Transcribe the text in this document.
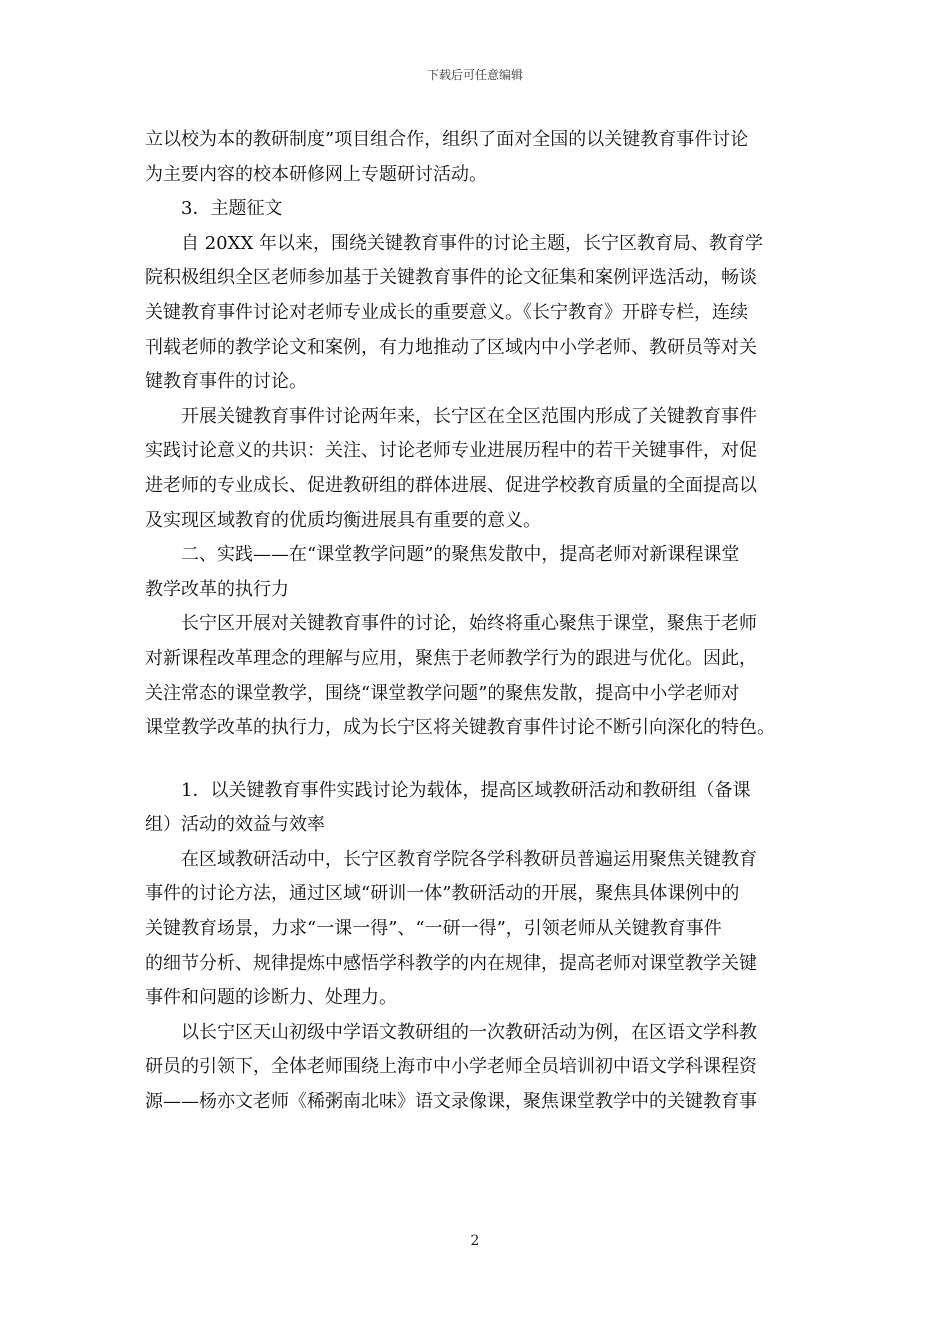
下载后可任意编辑
立以校为本的教研制度”项目组合作，组织了面对全国的以关键教育事件讨论
为主要内容的校本研修网上专题研讨活动。
3．主题征文
自 20XX 年以来，围绕关键教育事件的讨论主题，长宁区教育局、教育学
院积极组织全区老师参加基于关键教育事件的论文征集和案例评选活动，畅谈
关键教育事件讨论对老师专业成长的重要意义。《长宁教育》开辟专栏，连续
刊载老师的教学论文和案例，有力地推动了区域内中小学老师、教研员等对关
键教育事件的讨论。
开展关键教育事件讨论两年来，长宁区在全区范围内形成了关键教育事件
实践讨论意义的共识：关注、讨论老师专业进展历程中的若干关键事件，对促
进老师的专业成长、促进教研组的群体进展、促进学校教育质量的全面提高以
及实现区域教育的优质均衡进展具有重要的意义。
二、实践——在“课堂教学问题”的聚焦发散中，提高老师对新课程课堂
教学改革的执行力
长宁区开展对关键教育事件的讨论，始终将重心聚焦于课堂，聚焦于老师
对新课程改革理念的理解与应用，聚焦于老师教学行为的跟进与优化。因此，
关注常态的课堂教学，围绕“课堂教学问题”的聚焦发散，提高中小学老师对
课堂教学改革的执行力，成为长宁区将关键教育事件讨论不断引向深化的特色。
1．以关键教育事件实践讨论为载体，提高区域教研活动和教研组（备课
组）活动的效益与效率
在区域教研活动中，长宁区教育学院各学科教研员普遍运用聚焦关键教育
事件的讨论方法，通过区域“研训一体”教研活动的开展，聚焦具体课例中的
关键教育场景，力求“一课一得”、“一研一得”，引领老师从关键教育事件
的细节分析、规律提炼中感悟学科教学的内在规律，提高老师对课堂教学关键
事件和问题的诊断力、处理力。
以长宁区天山初级中学语文教研组的一次教研活动为例，在区语文学科教
研员的引领下，全体老师围绕上海市中小学老师全员培训初中语文学科课程资
源——杨亦文老师《稀粥南北味》语文录像课，聚焦课堂教学中的关键教育事
2
